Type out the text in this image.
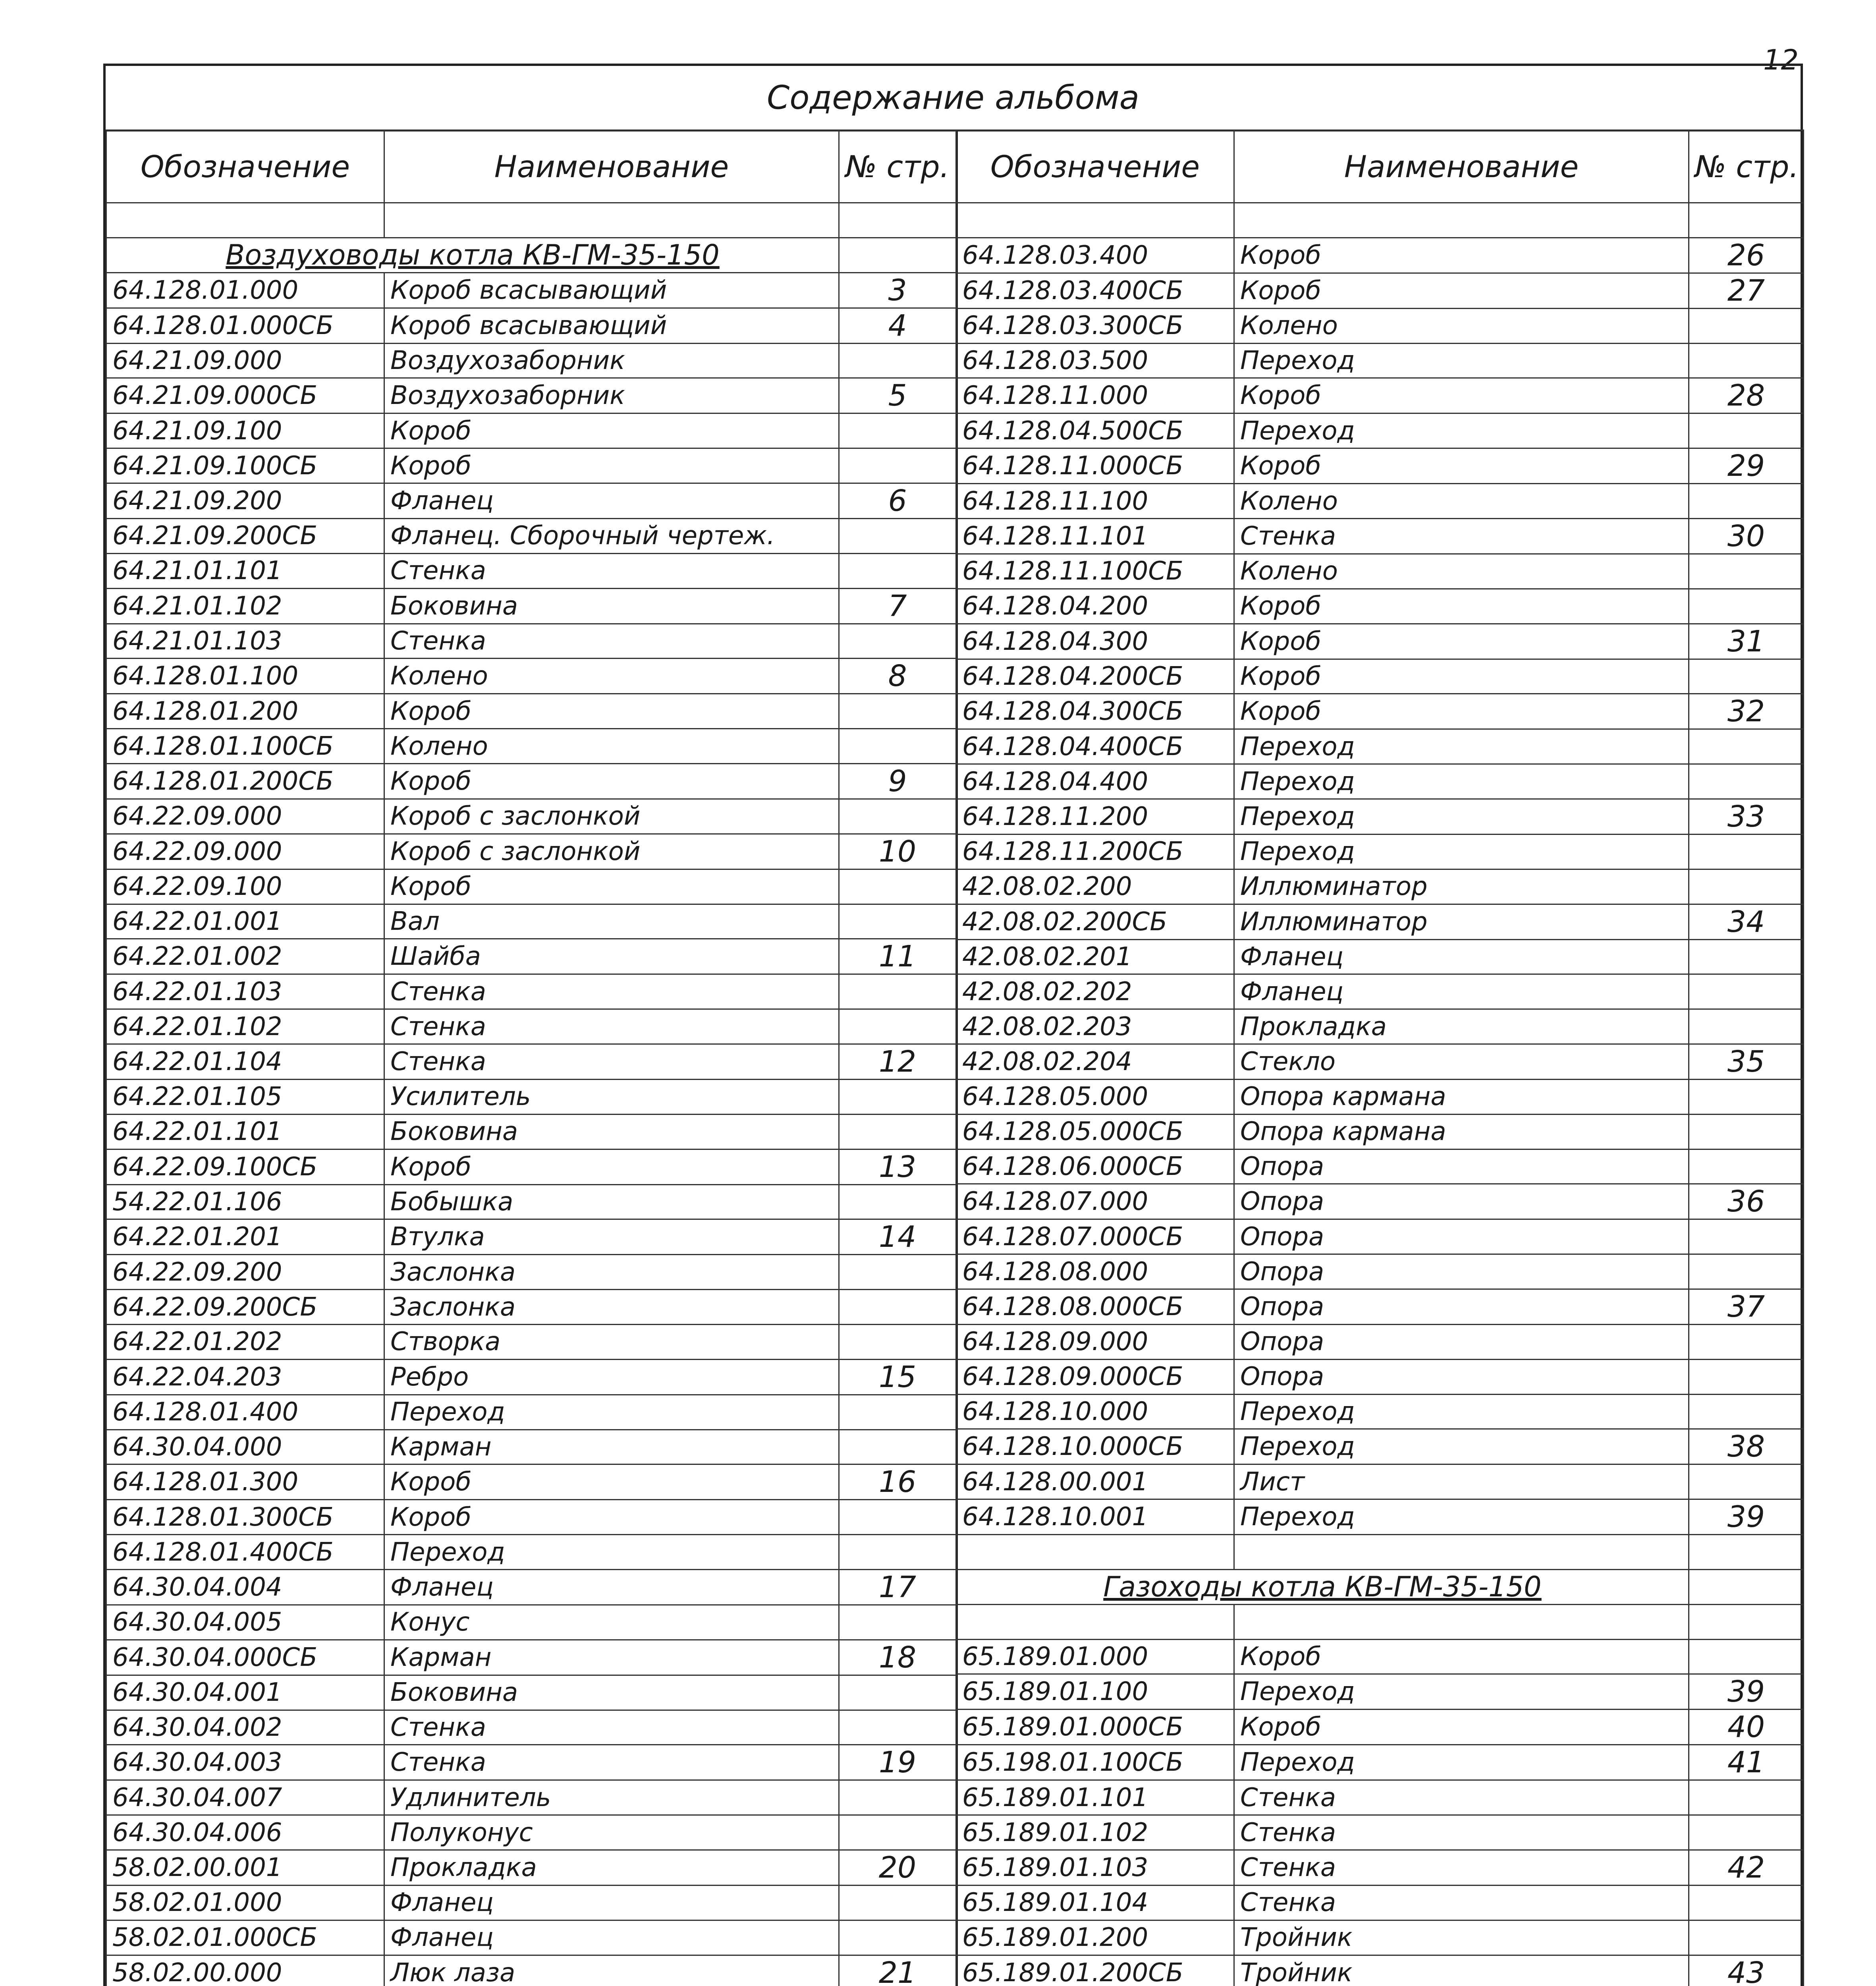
12
Содержание альбома
Обозначение	Наименование	№ стр.

Воздуховоды котла КВ-ГМ-35-150		
64.128.01.000	Короб всасывающий	3
64.128.01.000СБ	Короб всасывающий	4
64.21.09.000	Воздухозаборник	
64.21.09.000СБ	Воздухозаборник	5
64.21.09.100	Короб	
64.21.09.100СБ	Короб	
64.21.09.200	Фланец	6
64.21.09.200СБ	Фланец. Сборочный чертеж.	
64.21.01.101	Стенка	
64.21.01.102	Боковина	7
64.21.01.103	Стенка	
64.128.01.100	Колено	8
64.128.01.200	Короб	
64.128.01.100СБ	Колено	
64.128.01.200СБ	Короб	9
64.22.09.000	Короб с заслонкой	
64.22.09.000	Короб с заслонкой	10
64.22.09.100	Короб	
64.22.01.001	Вал	
64.22.01.002	Шайба	11
64.22.01.103	Стенка	
64.22.01.102	Стенка	
64.22.01.104	Стенка	12
64.22.01.105	Усилитель	
64.22.01.101	Боковина	
64.22.09.100СБ	Короб	13
54.22.01.106	Бобышка	
64.22.01.201	Втулка	14
64.22.09.200	Заслонка	
64.22.09.200СБ	Заслонка	
64.22.01.202	Створка	
64.22.04.203	Ребро	15
64.128.01.400	Переход	
64.30.04.000	Карман	
64.128.01.300	Короб	16
64.128.01.300СБ	Короб	
64.128.01.400СБ	Переход	
64.30.04.004	Фланец	17
64.30.04.005	Конус	
64.30.04.000СБ	Карман	18
64.30.04.001	Боковина	
64.30.04.002	Стенка	
64.30.04.003	Стенка	19
64.30.04.007	Удлинитель	
64.30.04.006	Полуконус	
58.02.00.001	Прокладка	20
58.02.01.000	Фланец	
58.02.01.000СБ	Фланец	
58.02.00.000	Люк лаза	21

Обозначение	Наименование	№ стр.

64.128.03.400	Короб	26
64.128.03.400СБ	Короб	27
64.128.03.300СБ	Колено	
64.128.03.500	Переход	
64.128.11.000	Короб	28
64.128.04.500СБ	Переход	
64.128.11.000СБ	Короб	29
64.128.11.100	Колено	
64.128.11.101	Стенка	30
64.128.11.100СБ	Колено	
64.128.04.200	Короб	
64.128.04.300	Короб	31
64.128.04.200СБ	Короб	
64.128.04.300СБ	Короб	32
64.128.04.400СБ	Переход	
64.128.04.400	Переход	
64.128.11.200	Переход	33
64.128.11.200СБ	Переход	
42.08.02.200	Иллюминатор	
42.08.02.200СБ	Иллюминатор	34
42.08.02.201	Фланец	
42.08.02.202	Фланец	
42.08.02.203	Прокладка	
42.08.02.204	Стекло	35
64.128.05.000	Опора кармана	
64.128.05.000СБ	Опора кармана	
64.128.06.000СБ	Опора	
64.128.07.000	Опора	36
64.128.07.000СБ	Опора	
64.128.08.000	Опора	
64.128.08.000СБ	Опора	37
64.128.09.000	Опора	
64.128.09.000СБ	Опора	
64.128.10.000	Переход	
64.128.10.000СБ	Переход	38
64.128.00.001	Лист	
64.128.10.001	Переход	39

Газоходы котла КВ-ГМ-35-150		

65.189.01.000	Короб	
65.189.01.100	Переход	39
65.189.01.000СБ	Короб	40
65.198.01.100СБ	Переход	41
65.189.01.101	Стенка	
65.189.01.102	Стенка	
65.189.01.103	Стенка	42
65.189.01.104	Стенка	
65.189.01.200	Тройник	
65.189.01.200СБ	Тройник	43
